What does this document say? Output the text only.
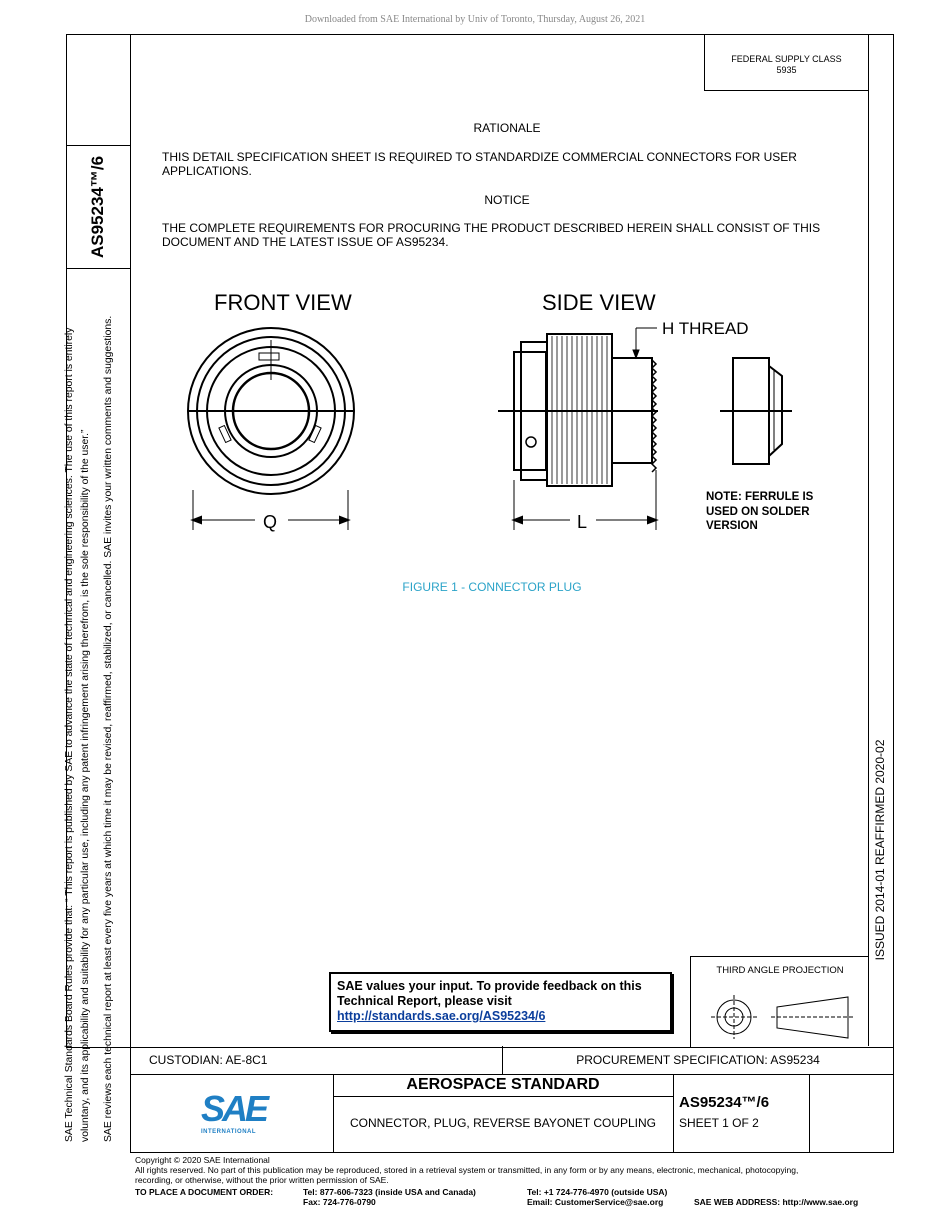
Downloaded from SAE International by Univ of Toronto, Thursday, August 26, 2021
AS95234™/6
FEDERAL SUPPLY CLASS
5935
ISSUED 2014-01 REAFFIRMED 2020-02
SAE Technical Standards Board Rules provide that: “ This report is published by SAE to advance the state of technical and engineering sciences. The use of this report is entirely voluntary, and its applicability and suitability for any particular use, including any patent infringement arising therefrom, is the sole responsibility of the user.” SAE reviews each technical report at least every five years at which time it may be revised, reaffirmed, stabilized, or cancelled. SAE invites your written comments and suggestions.
RATIONALE
THIS DETAIL SPECIFICATION SHEET IS REQUIRED TO STANDARDIZE COMMERCIAL CONNECTORS FOR USER APPLICATIONS.
NOTICE
THE COMPLETE REQUIREMENTS FOR PROCURING THE PRODUCT DESCRIBED HEREIN SHALL CONSIST OF THIS DOCUMENT AND THE LATEST ISSUE OF AS95234.
FRONT VIEW	SIDE VIEW
H THREAD
Q	L
NOTE: FERRULE IS
USED ON SOLDER
VERSION
FIGURE 1 - CONNECTOR PLUG
SAE values your input. To provide feedback on this
Technical Report, please visit
http://standards.sae.org/AS95234/6
THIRD ANGLE PROJECTION
CUSTODIAN: AE-8C1	PROCUREMENT SPECIFICATION: AS95234
SAE
INTERNATIONAL
AEROSPACE STANDARD
CONNECTOR, PLUG, REVERSE BAYONET COUPLING
AS95234™/6
SHEET 1 OF 2
Copyright © 2020 SAE International
All rights reserved. No part of this publication may be reproduced, stored in a retrieval system or transmitted, in any form or by any means, electronic, mechanical, photocopying,
recording, or otherwise, without the prior written permission of SAE.
TO PLACE A DOCUMENT ORDER:	Tel: 877-606-7323 (inside USA and Canada)
Fax: 724-776-0790
Tel: +1 724-776-4970 (outside USA)
Email: CustomerService@sae.org	SAE WEB ADDRESS: http://www.sae.org
